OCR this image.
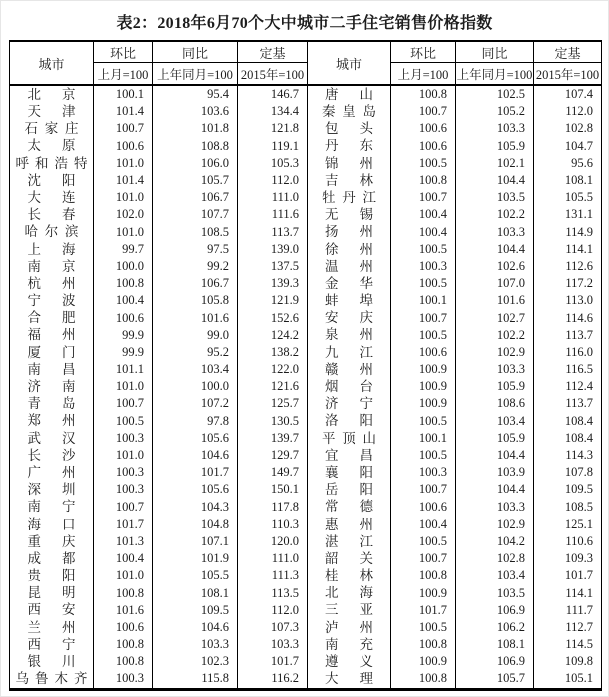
表2：2018年6月70个大中城市二手住宅销售价格指数
城市	环比	同比	定基	城市	环比	同比	定基
	上月=100	上年同月=100	2015年=100		上月=100	上年同月=100	2015年=100

北 京	100.1	95.4	146.7	唐 山	100.8	102.5	107.4

天 津	101.4	103.6	134.4	秦 皇 岛	100.7	105.2	112.0

石 家 庄	100.7	101.8	121.8	包 头	100.6	103.3	102.8

太 原	100.6	108.8	119.1	丹 东	100.6	105.9	104.7

呼 和 浩 特	101.0	106.0	105.3	锦 州	100.5	102.1	95.6

沈 阳	101.4	105.7	112.0	吉 林	100.8	104.4	108.1

大 连	101.0	106.7	111.0	牡 丹 江	100.7	103.5	105.5

长 春	102.0	107.7	111.6	无 锡	100.4	102.2	131.1

哈 尔 滨	101.0	108.5	113.7	扬 州	100.4	103.3	114.9

上 海	99.7	97.5	139.0	徐 州	100.5	104.4	114.1

南 京	100.0	99.2	137.5	温 州	100.3	102.6	112.6

杭 州	100.8	106.7	139.3	金 华	100.5	107.0	117.2

宁 波	100.4	105.8	121.9	蚌 埠	100.1	101.6	113.0

合 肥	100.6	101.6	152.6	安 庆	100.7	102.7	114.6

福 州	99.9	99.0	124.2	泉 州	100.5	102.2	113.7

厦 门	99.9	95.2	138.2	九 江	100.6	102.9	116.0

南 昌	101.1	103.4	122.0	赣 州	100.9	103.3	116.5

济 南	101.0	100.0	121.6	烟 台	100.9	105.9	112.4

青 岛	100.7	107.2	125.7	济 宁	100.9	108.6	113.7

郑 州	100.5	97.8	130.5	洛 阳	100.5	103.4	108.4

武 汉	100.3	105.6	139.7	平 顶 山	100.1	105.9	108.4

长 沙	101.0	104.6	129.7	宜 昌	100.5	104.4	114.3

广 州	100.3	101.7	149.7	襄 阳	100.3	103.9	107.8

深 圳	100.3	105.6	150.1	岳 阳	100.7	104.4	109.5

南 宁	100.7	104.3	117.8	常 德	100.6	103.3	108.5

海 口	101.7	104.8	110.3	惠 州	100.4	102.9	125.1

重 庆	101.3	107.1	120.0	湛 江	100.5	104.2	110.6

成 都	100.4	101.9	111.0	韶 关	100.7	102.8	109.3

贵 阳	101.0	105.5	111.3	桂 林	100.8	103.4	101.7

昆 明	100.8	108.1	113.5	北 海	100.9	103.5	114.1

西 安	101.6	109.5	112.0	三 亚	101.7	106.9	111.7

兰 州	100.6	104.6	107.3	泸 州	100.5	106.2	112.7

西 宁	100.8	103.3	103.3	南 充	100.8	108.1	114.5

银 川	100.8	102.3	101.7	遵 义	100.9	106.9	109.8

乌 鲁 木 齐	100.3	115.8	116.2	大 理	100.8	105.7	105.1
